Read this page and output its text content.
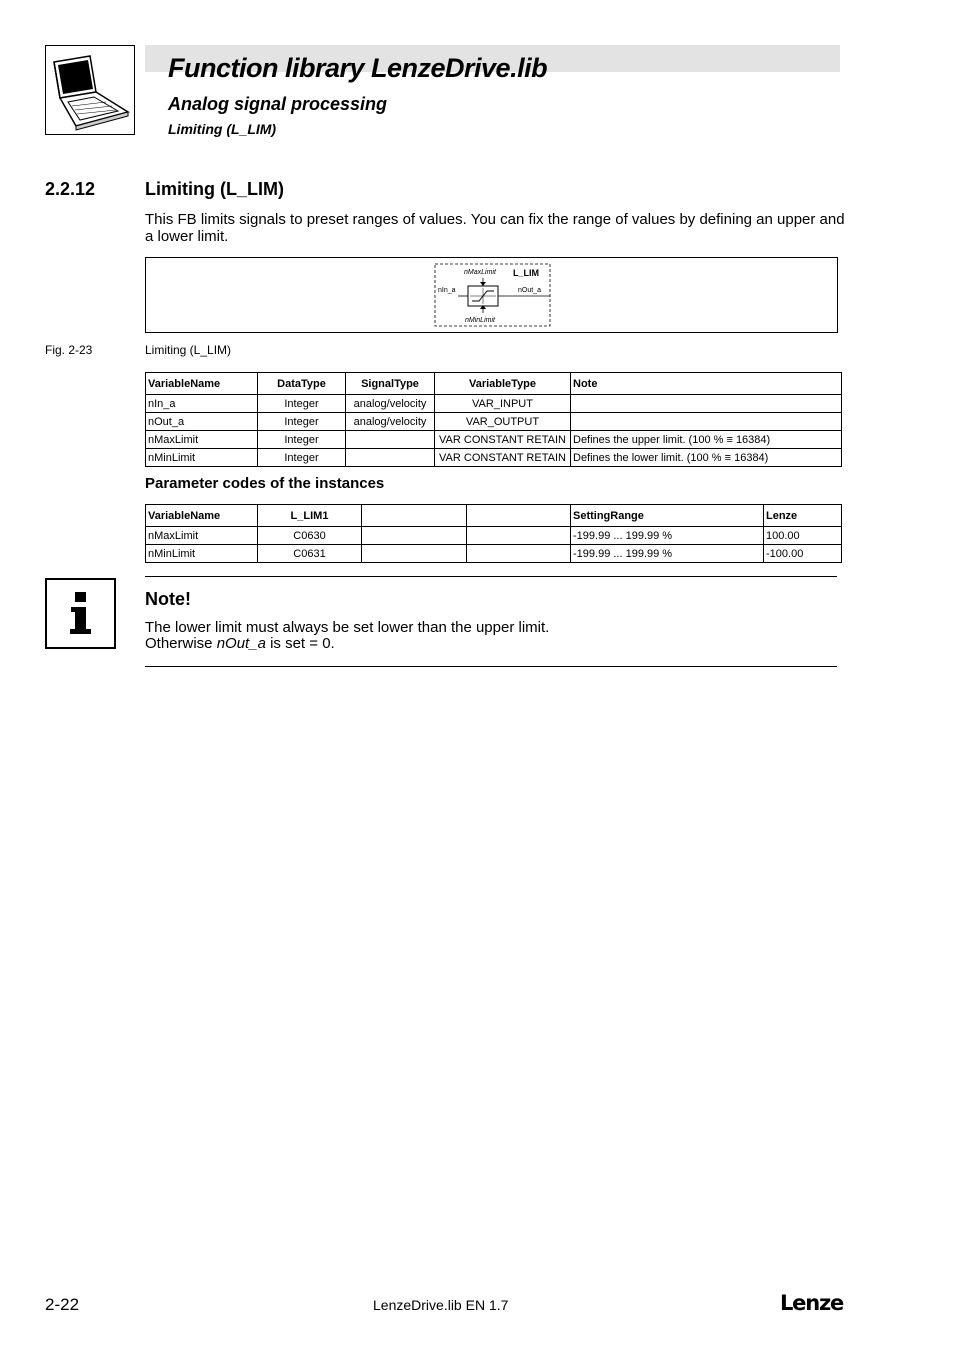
Function library LenzeDrive.lib
Analog signal processing
Limiting (L_LIM)
2.2.12	Limiting (L_LIM)
This FB limits signals to preset ranges of values. You can fix the range of values by defining an upper and a lower limit.
L_LIM
nMaxLimit
nIn_a	nOut_a
nMinLimit
Fig. 2-23	Limiting (L_LIM)
VariableName	DataType	SignalType	VariableType	Note
nIn_a	Integer	analog/velocity	VAR_INPUT	
nOut_a	Integer	analog/velocity	VAR_OUTPUT	
nMaxLimit	Integer		VAR CONSTANT RETAIN	Defines the upper limit. (100 % ≡ 16384)
nMinLimit	Integer		VAR CONSTANT RETAIN	Defines the lower limit. (100 % ≡ 16384)
Parameter codes of the instances
VariableName	L_LIM1			SettingRange	Lenze
nMaxLimit	C0630			-199.99 ... 199.99 %	100.00
nMinLimit	C0631			-199.99 ... 199.99 %	-100.00
Note!
The lower limit must always be set lower than the upper limit.
Otherwise nOut_a is set = 0.
2-22	LenzeDrive.lib EN 1.7	Lenze
